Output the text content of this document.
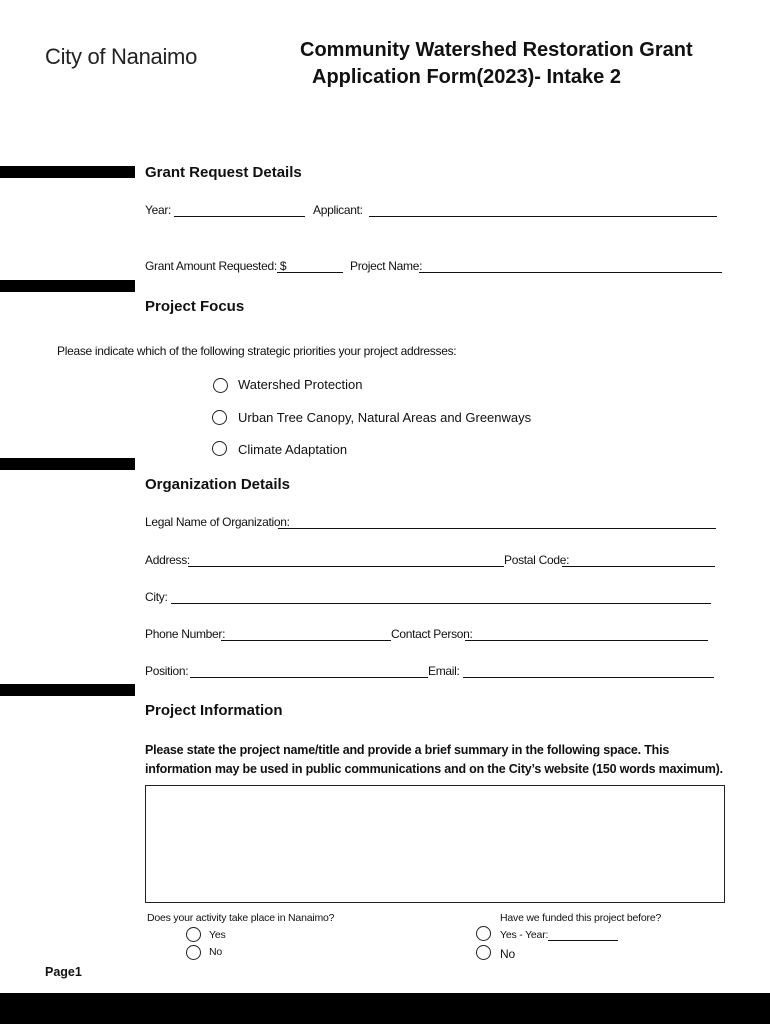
City of Nanaimo	Community Watershed Restoration Grant
Application Form(2023)- Intake 2
Grant Request Details
Year:	Applicant:
Grant Amount Requested: $	Project Name:
Project Focus
Please indicate which of the following strategic priorities your project addresses:
Watershed Protection
Urban Tree Canopy, Natural Areas and Greenways
Climate Adaptation
Organization Details
Legal Name of Organization:
Address:	Postal Code:
City:
Phone Number:	Contact Person:
Position:	Email:
Project Information
Please state the project name/title and provide a brief summary in the following space. This information may be used in public communications and on the City’s website (150 words maximum).
Does your activity take place in Nanaimo?
Yes
No
Have we funded this project before?
Yes - Year:
No
Page1
